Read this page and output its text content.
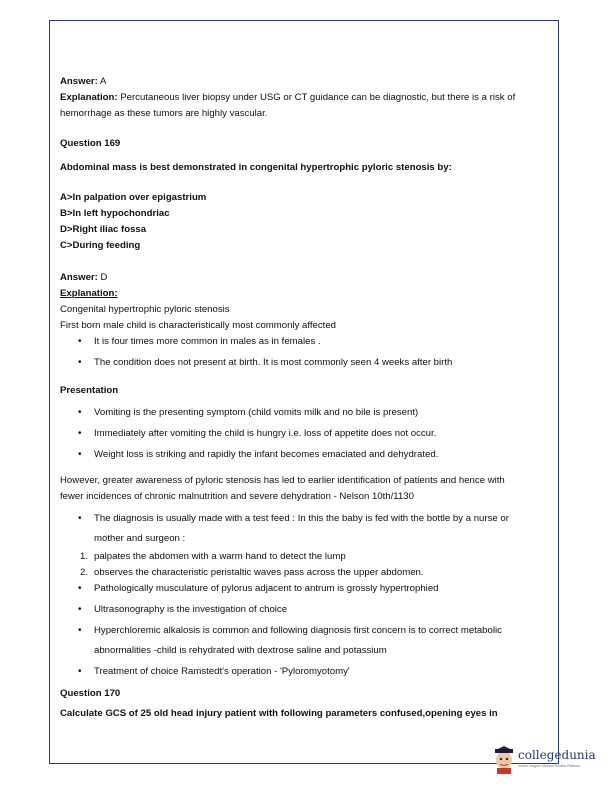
Answer: A

Explanation: Percutaneous liver biopsy under USG or CT guidance can be diagnostic, but there is a risk of
hemorrhage as these tumors are highly vascular.

Question 169

Abdominal mass is best demonstrated in congenital hypertrophic pyloric stenosis by:

A>In palpation over epigastrium

B>In left hypochondriac

D>Right iliac fossa

C>During feeding

Answer: D

Explanation:

Congenital hypertrophic pyloric stenosis

First born male child is characteristically most commonly affected

• It is four times more common in males as in females .
• The condition does not present at birth. It is most commonly seen 4 weeks after birth

Presentation

• Vomiting is the presenting symptom (child vomits milk and no bile is present)
• Immediately after vomiting the child is hungry i.e. loss of appetite does not occur.
• Weight loss is striking and rapidly the infant becomes emaciated and dehydrated.

However, greater awareness of pyloric stenosis has led to earlier identification of patients and hence with
fewer incidences of chronic malnutrition and severe dehydration - Nelson 10th/1130

• The diagnosis is usually made with a test feed : In this the baby is fed with the bottle by a nurse or
mother and surgeon :
1. palpates the abdomen with a warm hand to detect the lump
2. observes the characteristic peristaltic waves pass across the upper abdomen.
• Pathologically musculature of pylorus adjacent to antrum is grossly hypertrophied
• Ultrasonography is the investigation of choice
• Hyperchloremic alkalosis is common and following diagnosis first concern is to correct metabolic
abnormalities -child is rehydrated with dextrose saline and potassium
• Treatment of choice Ramstedt's operation - 'Pyloromyotomy'

Question 170

Calculate GCS of 25 old head injury patient with following parameters confused,opening eyes in

collegedunia
India's Largest Student Review Platform
